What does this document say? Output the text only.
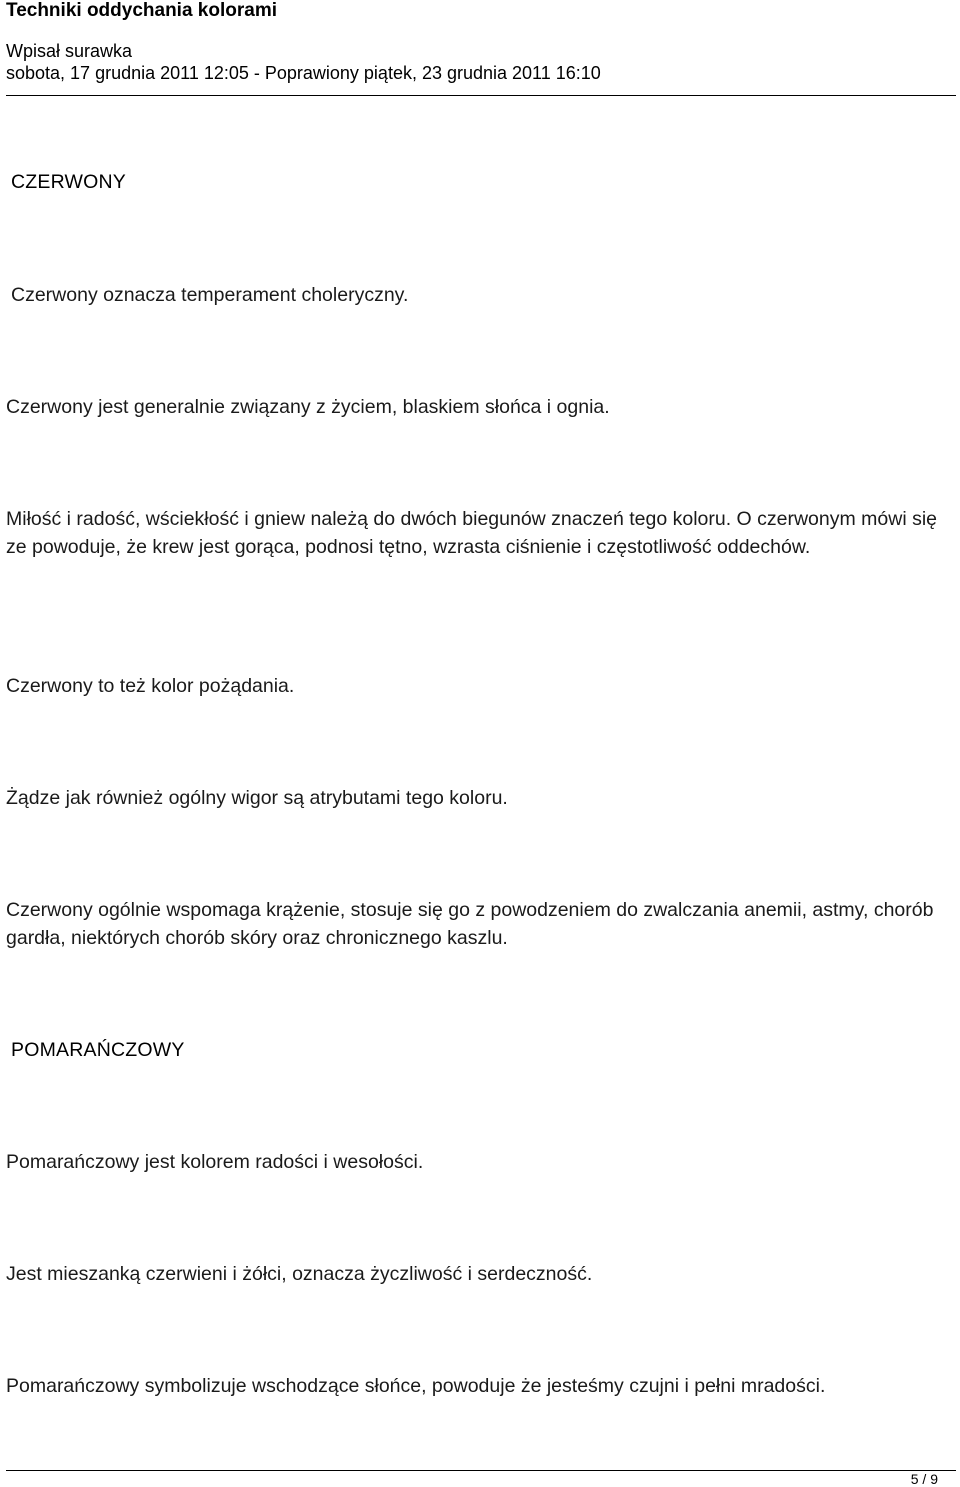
Techniki oddychania kolorami
Wpisał surawka
sobota, 17 grudnia 2011 12:05 - Poprawiony piątek, 23 grudnia 2011 16:10
CZERWONY
Czerwony oznacza temperament choleryczny.
Czerwony jest generalnie związany z życiem, blaskiem słońca i ognia.
Miłość i radość, wściekłość i gniew należą do dwóch biegunów znaczeń tego koloru. O czerwonym mówi się ze powoduje, że krew jest gorąca, podnosi tętno, wzrasta ciśnienie i częstotliwość oddechów.
Czerwony to też kolor pożądania.
Żądze jak również ogólny wigor są atrybutami tego koloru.
Czerwony ogólnie wspomaga krążenie, stosuje się go z powodzeniem do zwalczania anemii, astmy, chorób gardła, niektórych chorób skóry oraz chronicznego kaszlu.
POMARAŃCZOWY
Pomarańczowy jest kolorem radości i wesołości.
Jest mieszanką czerwieni i żółci, oznacza życzliwość i serdeczność.
Pomarańczowy symbolizuje wschodzące słońce, powoduje że jesteśmy czujni i pełni mradości.
5 / 9
